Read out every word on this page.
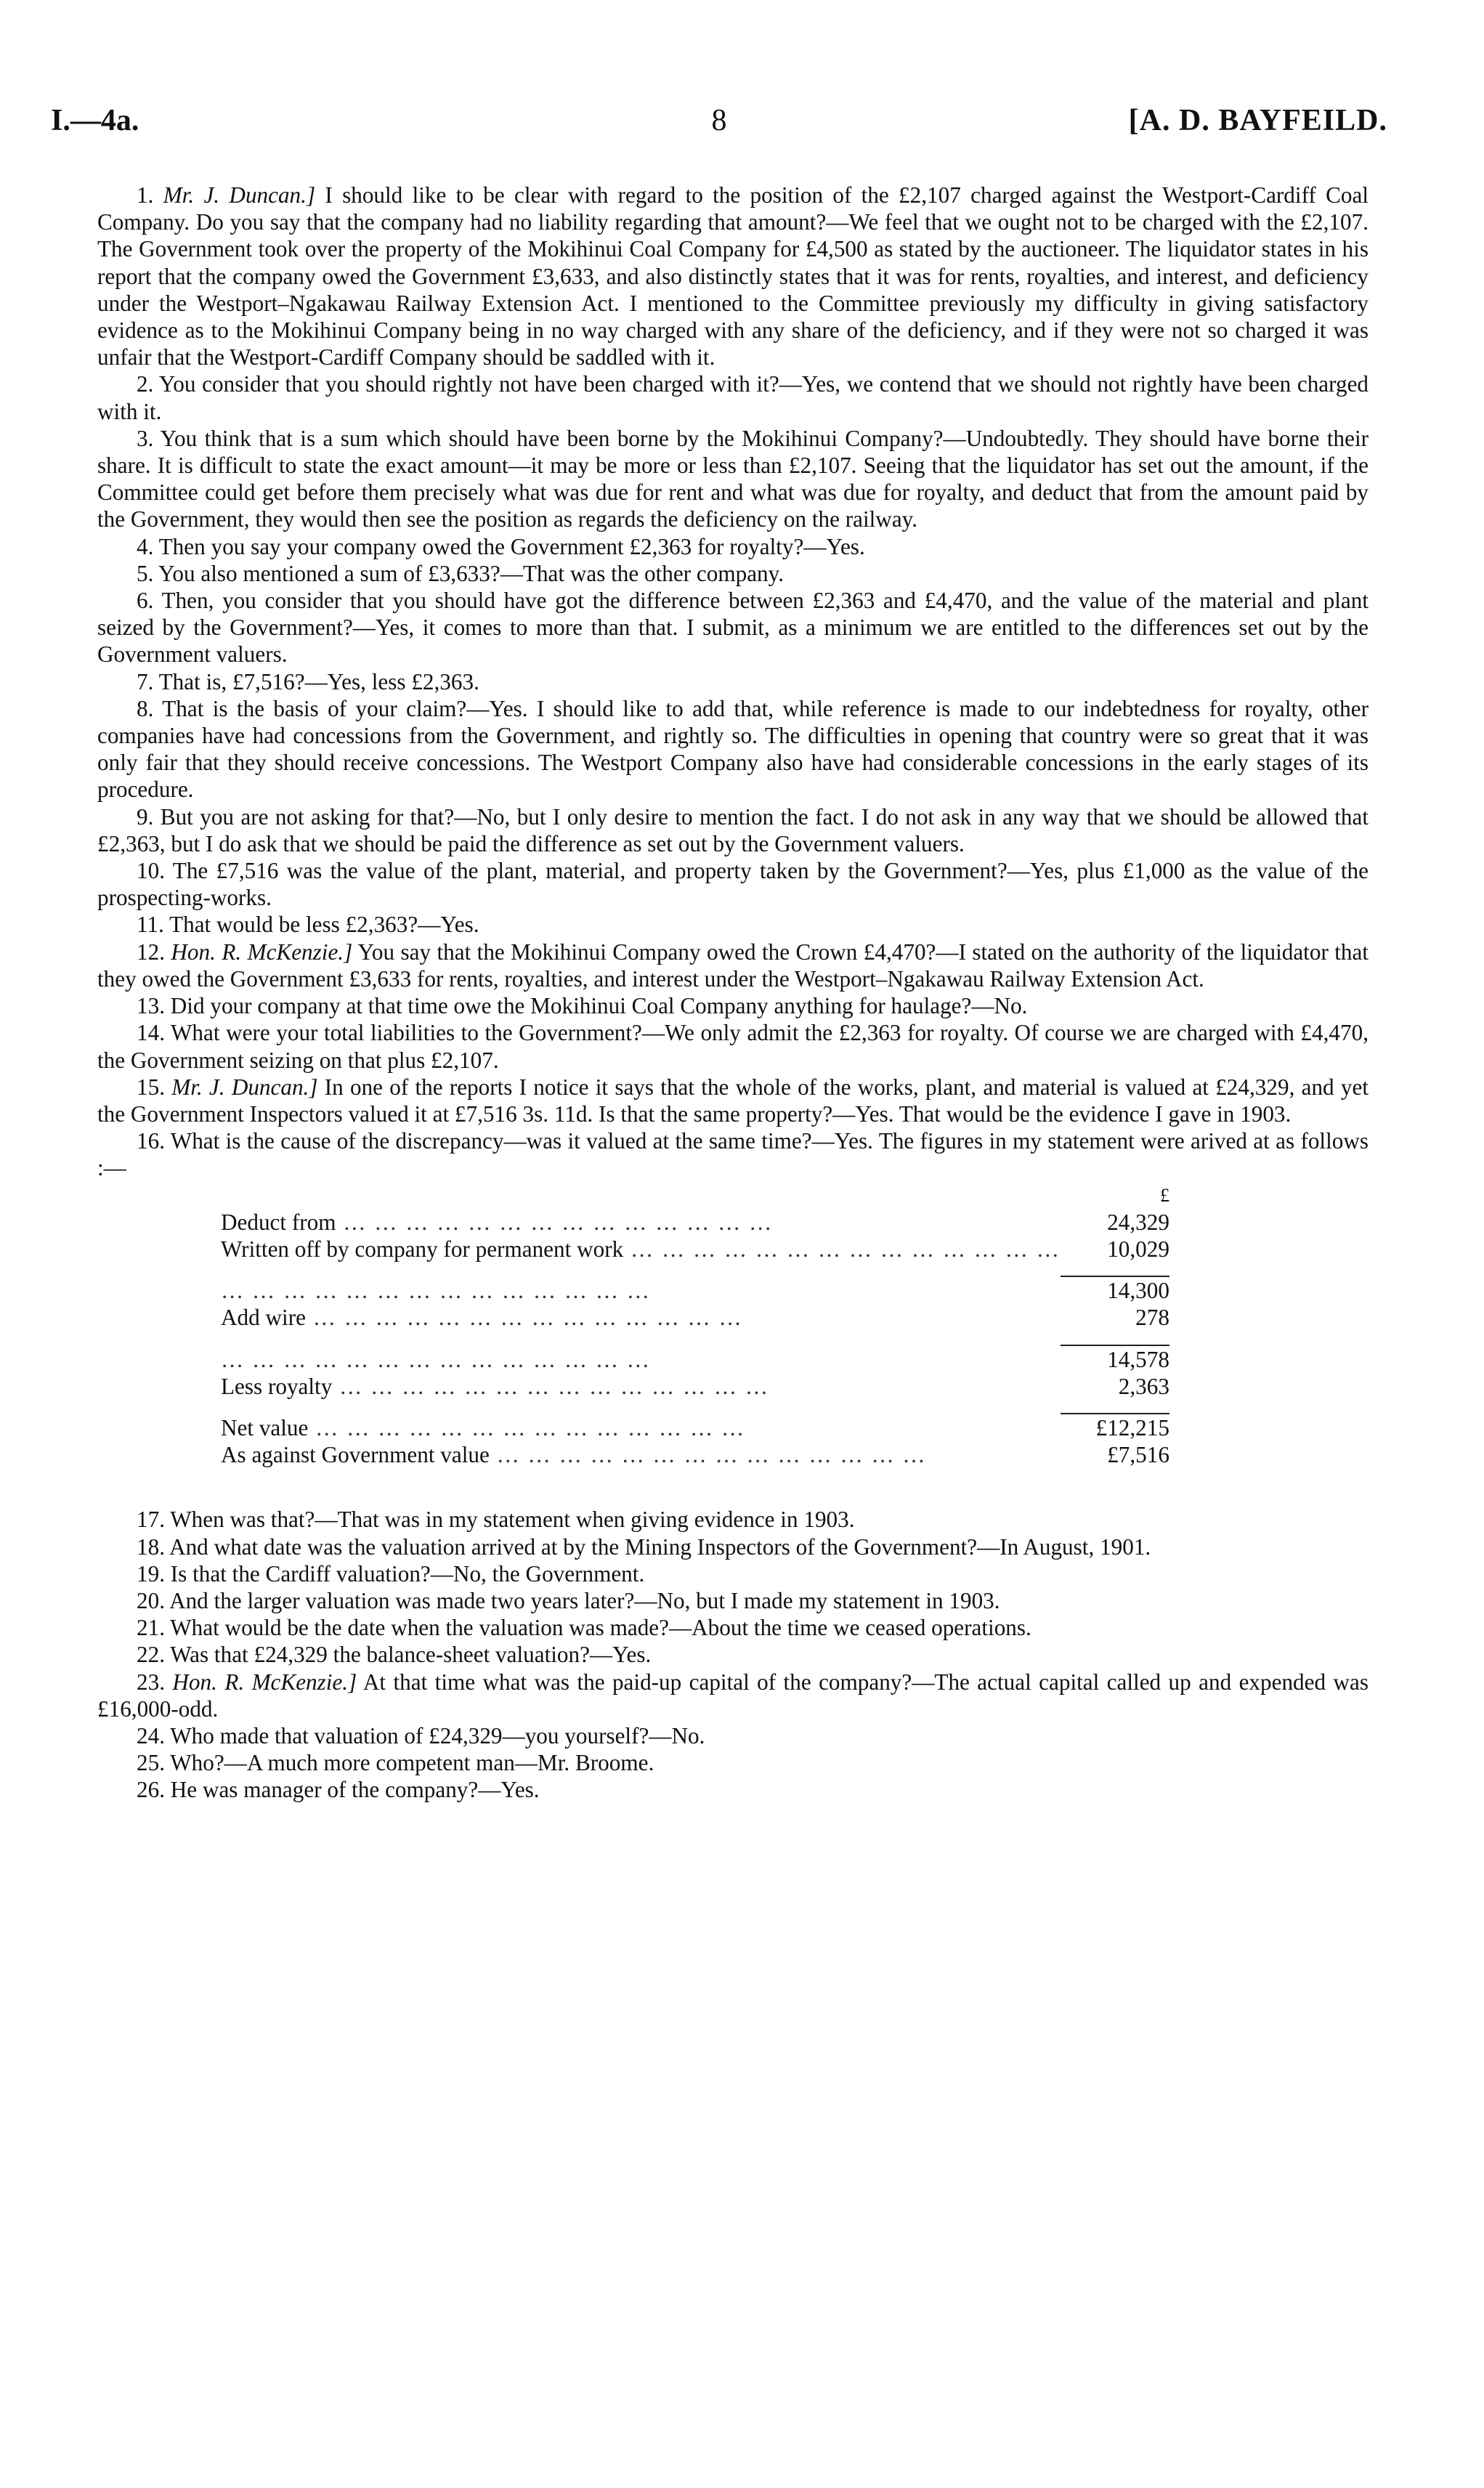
I.—4a.	8	[A. D. BAYFEILD.

1. Mr. J. Duncan.] I should like to be clear with regard to the position of the £2,107 charged against the Westport-Cardiff Coal Company. Do you say that the company had no liability regarding that amount?—We feel that we ought not to be charged with the £2,107. The Government took over the property of the Mokihinui Coal Company for £4,500 as stated by the auctioneer. The liquidator states in his report that the company owed the Government £3,633, and also distinctly states that it was for rents, royalties, and interest, and deficiency under the Westport–Ngakawau Railway Extension Act. I mentioned to the Committee previously my difficulty in giving satisfactory evidence as to the Mokihinui Company being in no way charged with any share of the deficiency, and if they were not so charged it was unfair that the Westport-Cardiff Company should be saddled with it.

2. You consider that you should rightly not have been charged with it?—Yes, we contend that we should not rightly have been charged with it.

3. You think that is a sum which should have been borne by the Mokihinui Company?—Undoubtedly. They should have borne their share. It is difficult to state the exact amount—it may be more or less than £2,107. Seeing that the liquidator has set out the amount, if the Committee could get before them precisely what was due for rent and what was due for royalty, and deduct that from the amount paid by the Government, they would then see the position as regards the deficiency on the railway.

4. Then you say your company owed the Government £2,363 for royalty?—Yes.

5. You also mentioned a sum of £3,633?—That was the other company.

6. Then, you consider that you should have got the difference between £2,363 and £4,470, and the value of the material and plant seized by the Government?—Yes, it comes to more than that. I submit, as a minimum we are entitled to the differences set out by the Government valuers.

7. That is, £7,516?—Yes, less £2,363.

8. That is the basis of your claim?—Yes. I should like to add that, while reference is made to our indebtedness for royalty, other companies have had concessions from the Government, and rightly so. The difficulties in opening that country were so great that it was only fair that they should receive concessions. The Westport Company also have had considerable concessions in the early stages of its procedure.

9. But you are not asking for that?—No, but I only desire to mention the fact. I do not ask in any way that we should be allowed that £2,363, but I do ask that we should be paid the difference as set out by the Government valuers.

10. The £7,516 was the value of the plant, material, and property taken by the Government?—Yes, plus £1,000 as the value of the prospecting-works.

11. That would be less £2,363?—Yes.

12. Hon. R. McKenzie.] You say that the Mokihinui Company owed the Crown £4,470?—I stated on the authority of the liquidator that they owed the Government £3,633 for rents, royalties, and interest under the Westport–Ngakawau Railway Extension Act.

13. Did your company at that time owe the Mokihinui Coal Company anything for haulage?—No.

14. What were your total liabilities to the Government?—We only admit the £2,363 for royalty. Of course we are charged with £4,470, the Government seizing on that plus £2,107.

15. Mr. J. Duncan.] In one of the reports I notice it says that the whole of the works, plant, and material is valued at £24,329, and yet the Government Inspectors valued it at £7,516 3s. 11d. Is that the same property?—Yes. That would be the evidence I gave in 1903.

16. What is the cause of the discrepancy—was it valued at the same time?—Yes. The figures in my statement were arived at as follows :—

	£
Deduct from … … … … … … … … … … … … … …	24,329
Written off by company for permanent work … … … … … … … … … … … … … …	10,029

… … … … … … … … … … … … … …	14,300
Add wire … … … … … … … … … … … … … …	278

… … … … … … … … … … … … … …	14,578
Less royalty … … … … … … … … … … … … … …	2,363

Net value … … … … … … … … … … … … … …	£12,215
As against Government value … … … … … … … … … … … … … …	£7,516

17. When was that?—That was in my statement when giving evidence in 1903.

18. And what date was the valuation arrived at by the Mining Inspectors of the Government?—In August, 1901.

19. Is that the Cardiff valuation?—No, the Government.

20. And the larger valuation was made two years later?—No, but I made my statement in 1903.

21. What would be the date when the valuation was made?—About the time we ceased operations.

22. Was that £24,329 the balance-sheet valuation?—Yes.

23. Hon. R. McKenzie.] At that time what was the paid-up capital of the company?—The actual capital called up and expended was £16,000-odd.

24. Who made that valuation of £24,329—you yourself?—No.

25. Who?—A much more competent man—Mr. Broome.

26. He was manager of the company?—Yes.
